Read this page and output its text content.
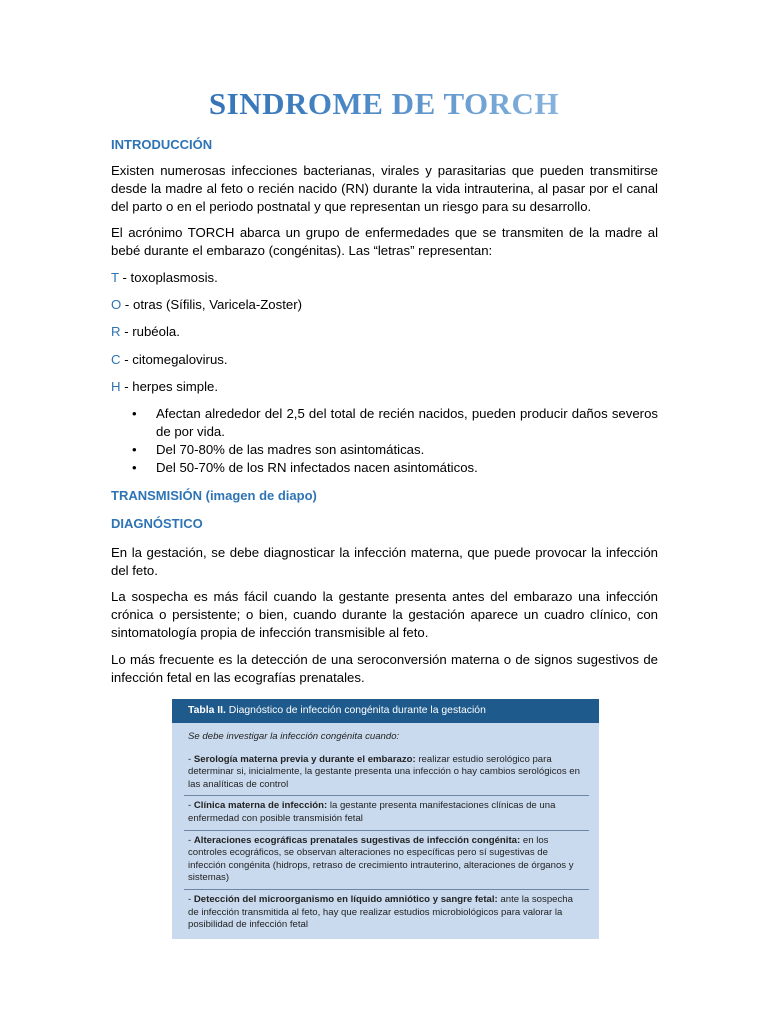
SINDROME DE TORCH
INTRODUCCIÓN

Existen numerosas infecciones bacterianas, virales y parasitarias que pueden transmitirse desde la madre al feto o recién nacido (RN) durante la vida intrauterina, al pasar por el canal del parto o en el periodo postnatal y que representan un riesgo para su desarrollo.

El acrónimo TORCH abarca un grupo de enfermedades que se transmiten de la madre al bebé durante el embarazo (congénitas). Las “letras” representan:

T - toxoplasmosis.

O - otras (Sífilis, Varicela-Zoster)

R - rubéola.

C - citomegalovirus.

H - herpes simple.

• Afectan alrededor del 2,5 del total de recién nacidos, pueden producir daños severos de por vida.
• Del 70-80% de las madres son asintomáticas.
• Del 50-70% de los RN infectados nacen asintomáticos.
TRANSMISIÓN (imagen de diapo)
DIAGNÓSTICO

En la gestación, se debe diagnosticar la infección materna, que puede provocar la infección del feto.

La sospecha es más fácil cuando la gestante presenta antes del embarazo una infección crónica o persistente; o bien, cuando durante la gestación aparece un cuadro clínico, con sintomatología propia de infección transmisible al feto.

Lo más frecuente es la detección de una seroconversión materna o de signos sugestivos de infección fetal en las ecografías prenatales.

Tabla II. Diagnóstico de infección congénita durante la gestación
Se debe investigar la infección congénita cuando:
- Serología materna previa y durante el embarazo: realizar estudio serológico para determinar si, inicialmente, la gestante presenta una infección o hay cambios serológicos en las analíticas de control
- Clínica materna de infección: la gestante presenta manifestaciones clínicas de una enfermedad con posible transmisión fetal
- Alteraciones ecográficas prenatales sugestivas de infección congénita: en los controles ecográficos, se observan alteraciones no específicas pero sí sugestivas de infección congénita (hidrops, retraso de crecimiento intrauterino, alteraciones de órganos y sistemas)
- Detección del microorganismo en líquido amniótico y sangre fetal: ante la sospecha de infección transmitida al feto, hay que realizar estudios microbiológicos para valorar la posibilidad de infección fetal
